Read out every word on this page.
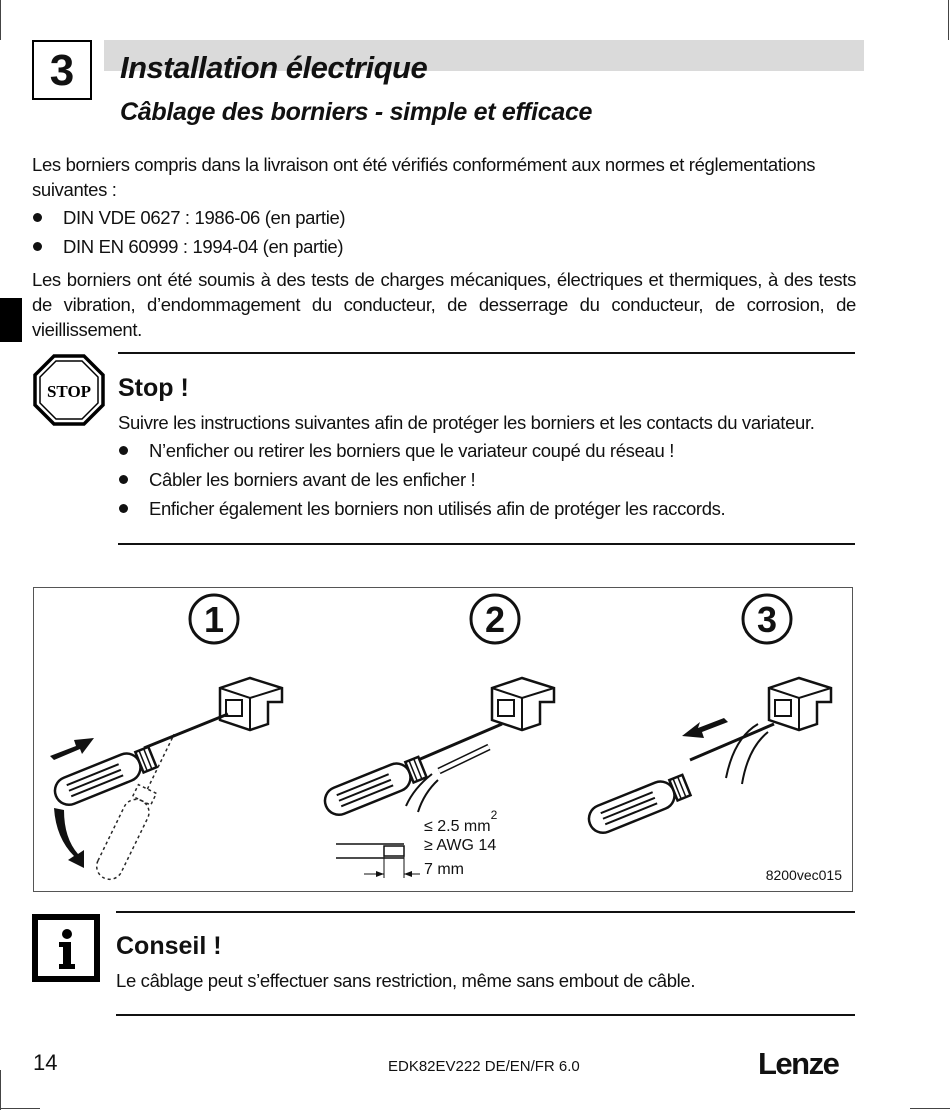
3	Installation électrique
Câblage des borniers - simple et efficace
Les borniers compris dans la livraison ont été vérifiés conformément aux normes et réglementations suivantes :
DIN VDE 0627 : 1986-06 (en partie)
DIN EN 60999 : 1994-04 (en partie)
Les borniers ont été soumis à des tests de charges mécaniques, électriques et thermiques, à des tests de vibration, d’endommagement du conducteur, de desserrage du conducteur, de corrosion, de vieillissement.
STOP Stop !
Suivre les instructions suivantes afin de protéger les borniers et les contacts du variateur.
N’enficher ou retirer les borniers que le variateur coupé du réseau !
Câbler les borniers avant de les enficher !
Enficher également les borniers non utilisés afin de protéger les raccords.
1	2	3
≤ 2.5 $mm^2$
≥ AWG 14
7 mm	8200vec015
Conseil !
Le câblage peut s’effectuer sans restriction, même sans embout de câble.
14	EDK82EV222 DE/EN/FR 6.0	Lenze
